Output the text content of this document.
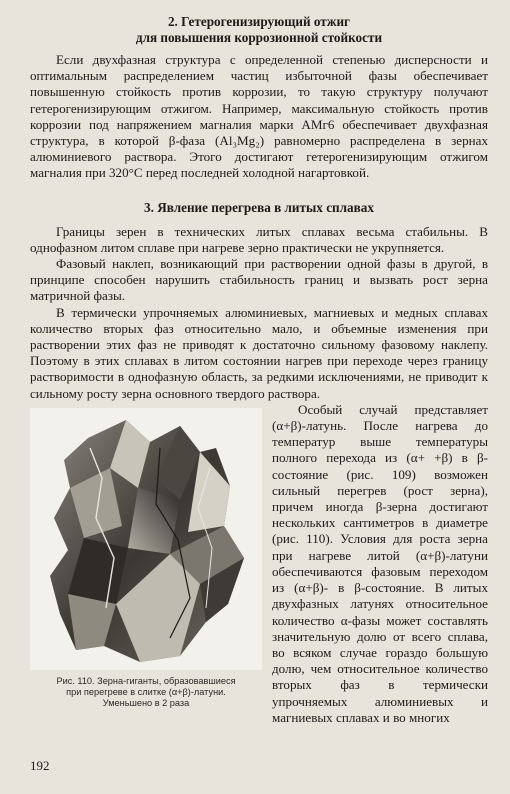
2. Гетерогенизирующий отжиг
для повышения коррозионной стойкости

Если двухфазная структура с определенной степенью дисперсности и оптимальным распределением частиц избыточной фазы обеспечивает повышенную стойкость против коррозии, то такую структуру получают гетерогенизирующим отжигом. Например, максимальную стойкость против коррозии под напряжением магналия марки АМг6 обеспечивает двухфазная структура, в которой β-фаза (Al₃Mg₂) равномерно распределена в зернах алюминиевого раствора. Этого достигают гетерогенизирующим отжигом магналия при 320°С перед последней холодной нагартовкой.

3. Явление перегрева в литых сплавах

Границы зерен в технических литых сплавах весьма стабильны. В однофазном литом сплаве при нагреве зерно практически не укрупняется.

Фазовый наклеп, возникающий при растворении одной фазы в другой, в принципе способен нарушить стабильность границ и вызвать рост зерна матричной фазы.

В термически упрочняемых алюминиевых, магниевых и медных сплавах количество вторых фаз относительно мало, и объемные изменения при растворении этих фаз не приводят к достаточно сильному фазовому наклепу. Поэтому в этих сплавах в литом состоянии нагрев при переходе через границу растворимости в однофазную область, за редкими исключениями, не приводит к сильному росту зерна основного твердого раствора.

Рис. 110. Зерна-гиганты, образовавшиеся
при перегреве в слитке (α+β)-латуни.
Уменьшено в 2 раза

Особый случай представляет (α+β)-латунь. После нагрева до температур выше температуры полного перехода из (α+ +β) в β-состояние (рис. 109) возможен сильный перегрев (рост зерна), причем иногда β-зерна достигают нескольких сантиметров в диаметре (рис. 110). Условия для роста зерна при нагреве литой (α+β)-латуни обеспечиваются фазовым переходом из (α+β)- в β-состояние. В литых двухфазных латунях относительное количество α-фазы может составлять значительную долю от всего сплава, во всяком случае гораздо большую долю, чем относительное количество вторых фаз в термически упрочняемых алюминиевых и магниевых сплавах и во многих

192
